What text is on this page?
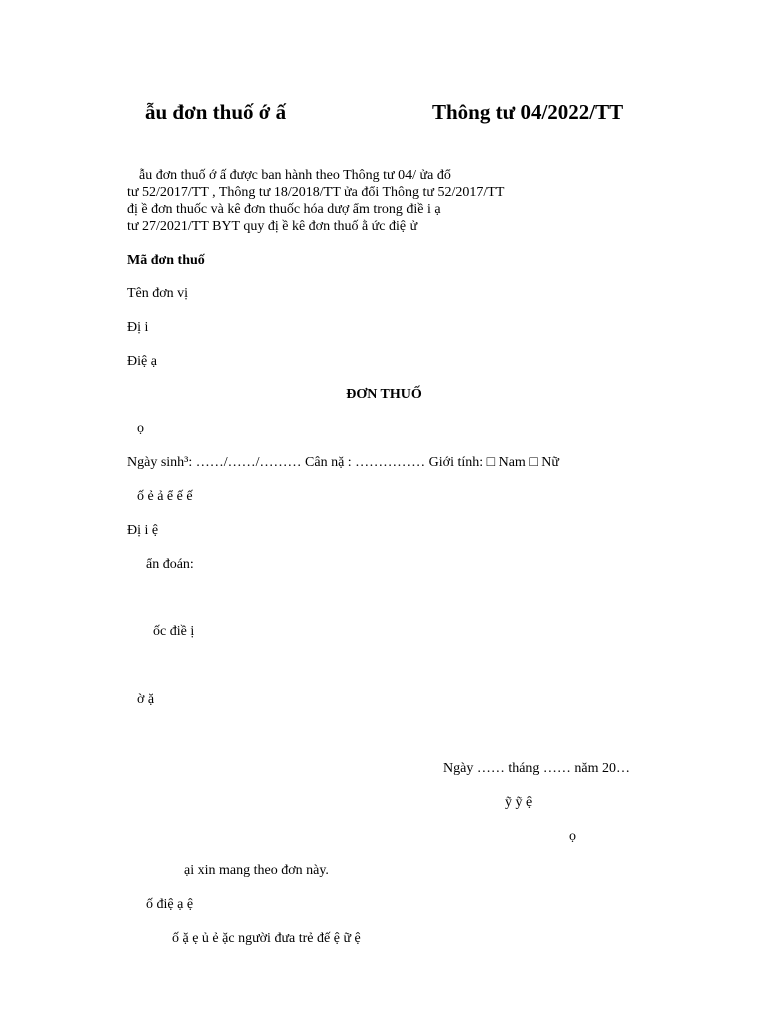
ẫu đơn thuố ớ ấ	Thông tư 04/2022/TT
ẫu đơn thuố ớ ấ được ban hành theo Thông tư 04/ ửa đổ
tư 52/2017/TT , Thông tư 18/2018/TT ửa đổi Thông tư 52/2017/TT
đị ề đơn thuốc và kê đơn thuốc hóa dượ ẩm trong điề i ạ
tư 27/2021/TT BYT quy đị ề kê đơn thuố ằ ức điệ ử
Mã đơn thuố
Tên đơn vị
Đị i
Điệ ạ
ĐƠN THUỐ
ọ
Ngày sinh³: ……/……/……… Cân nặ : …………… Giới tính: □ Nam □ Nữ
ố ẻ ả ể ế ế
Đị i ệ
ẩn đoán:
ốc điề ị
ờ ặ
Ngày …… tháng …… năm 20…
ỹ ỹ ệ
ọ
ại xin mang theo đơn này.
ố điệ ạ ệ
ố ặ ẹ ủ ẻ ặc người đưa trẻ đế ệ ữ ệ
